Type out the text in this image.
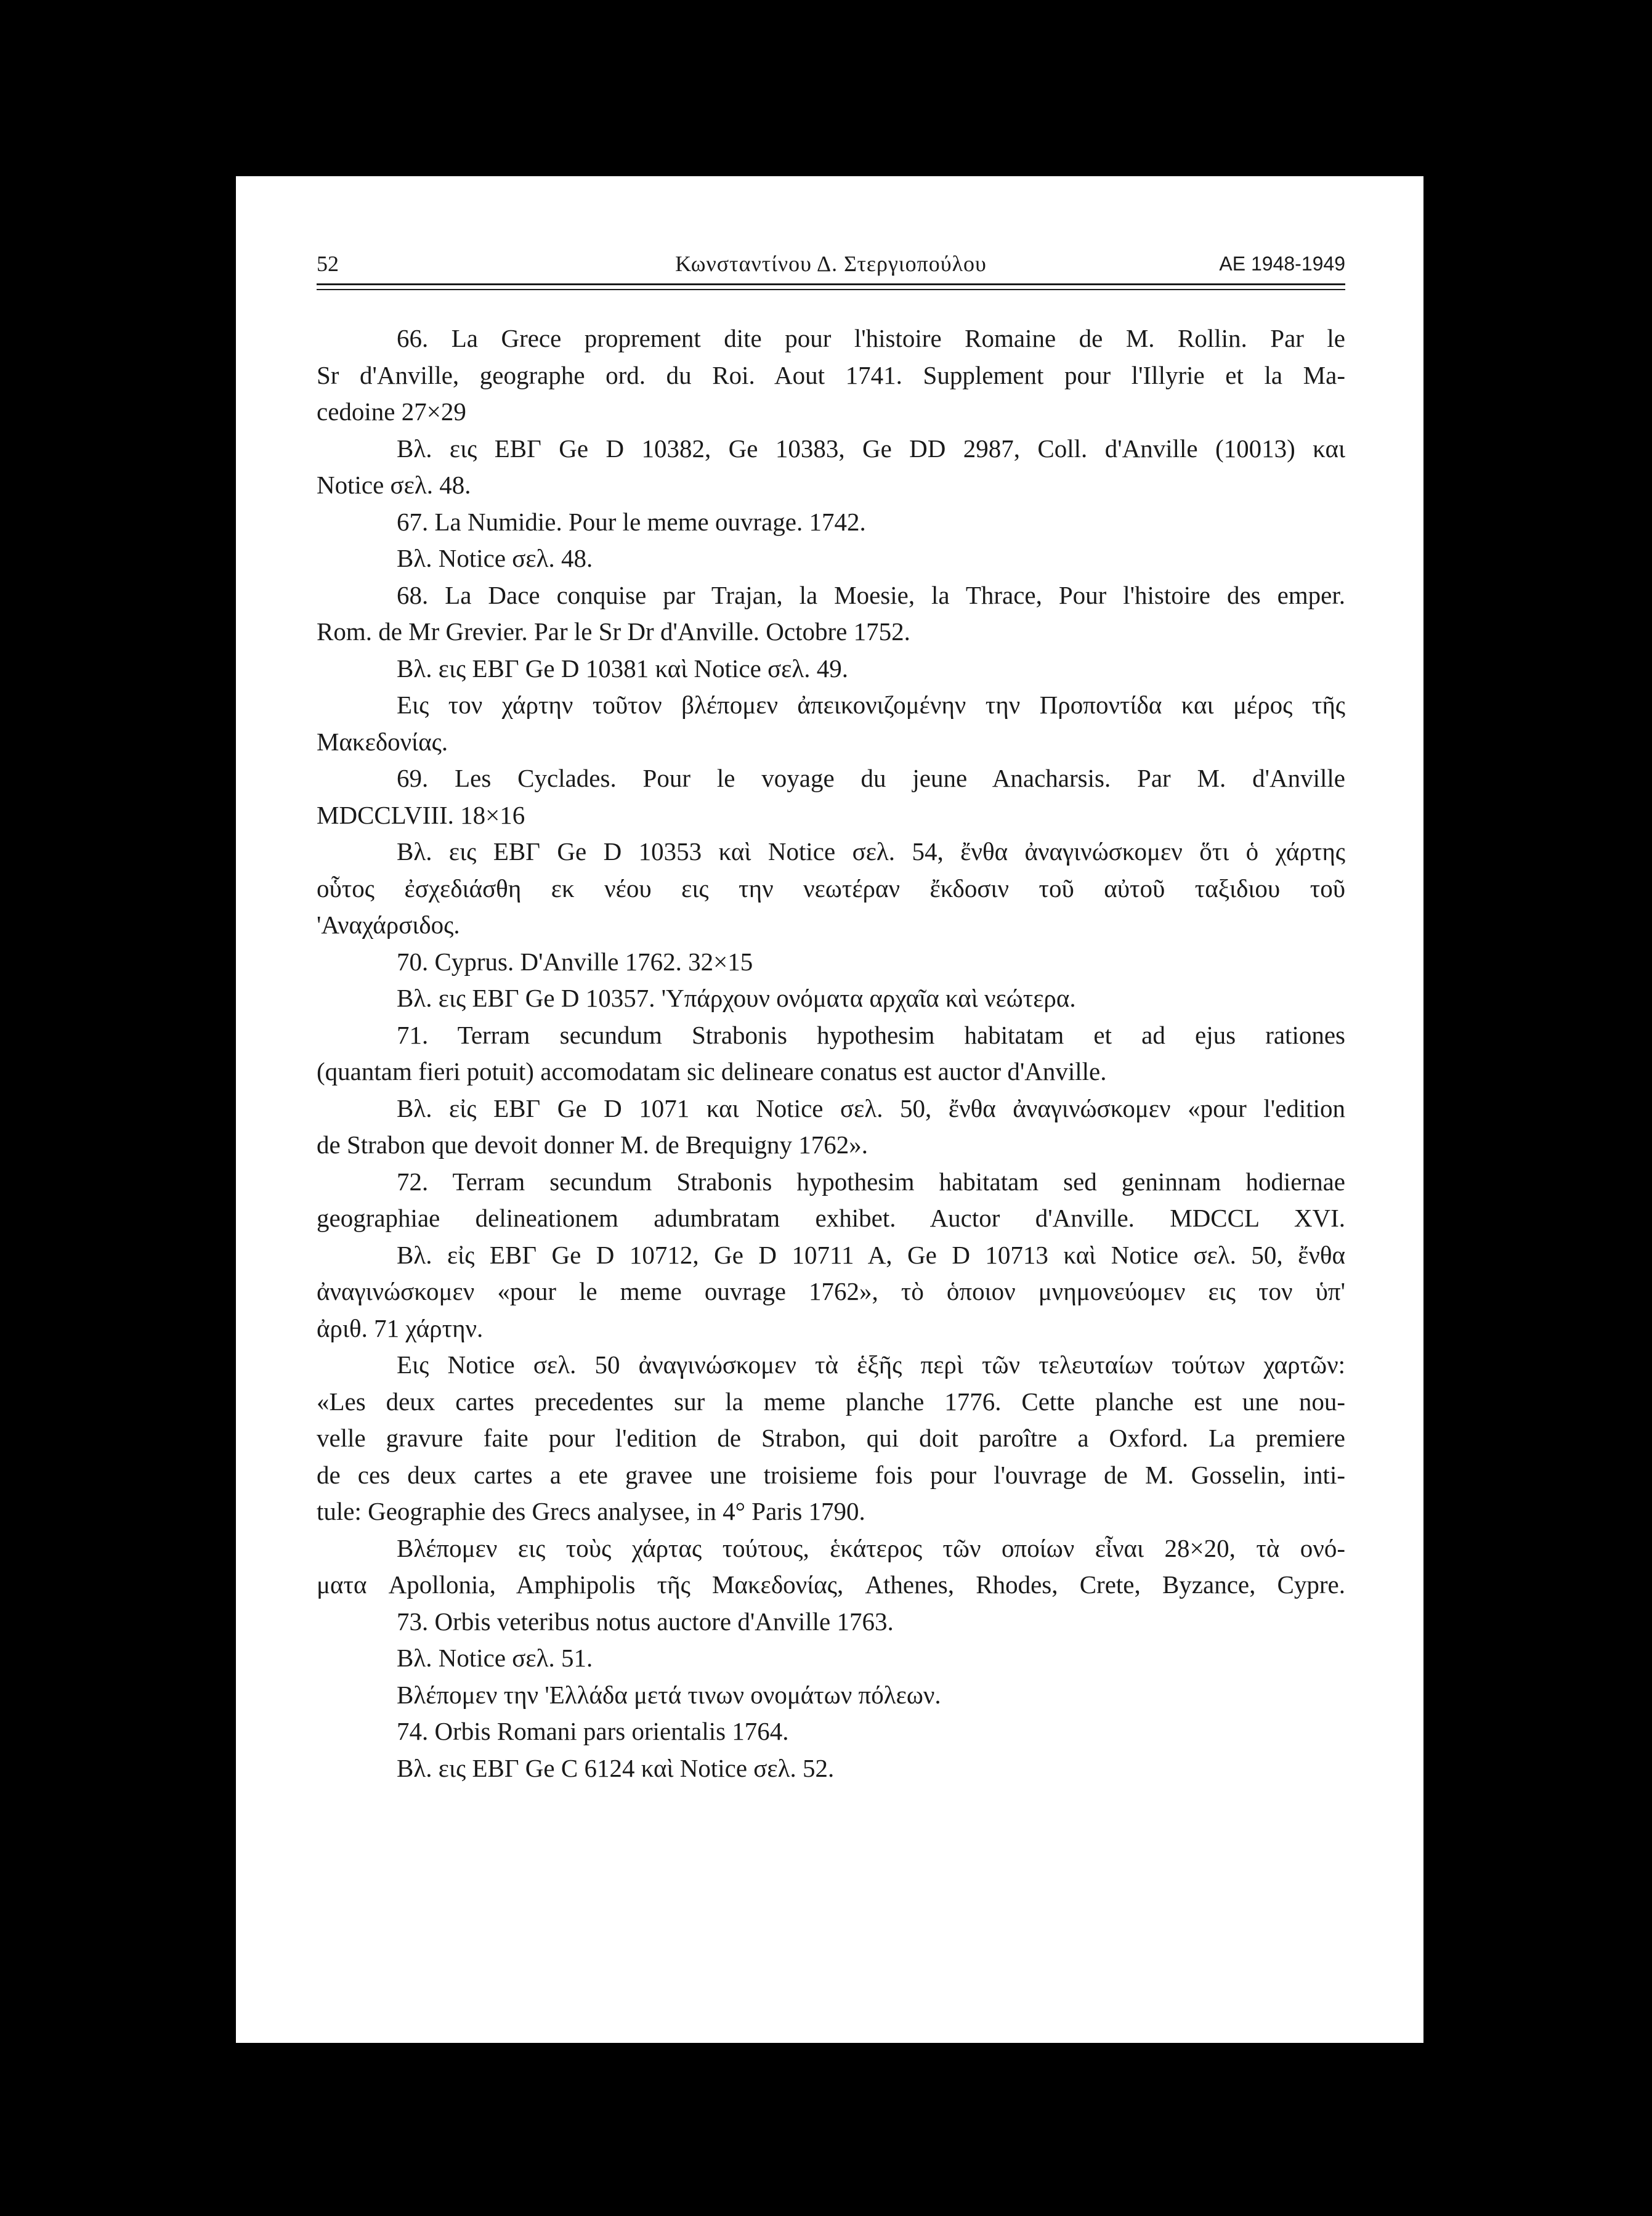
52	Κωνσταντίνου Δ. Στεργιοπούλου	ΑΕ 1948-1949
66. La Grece proprement dite pour l'histoire Romaine de M. Rollin. Par le
Sr d'Anville, geographe ord. du Roi. Aout 1741. Supplement pour l'Illyrie et la Ma-
cedoine 27×29
Βλ. εις ΕΒΓ Ge D 10382, Ge 10383, Ge DD 2987, Coll. d'Anville (10013) και
Notice σελ. 48.
67. La Numidie. Pour le meme ouvrage. 1742.
Βλ. Notice σελ. 48.
68. La Dace conquise par Trajan, la Moesie, la Thrace, Pour l'histoire des emper.
Rom. de Mr Grevier. Par le Sr Dr d'Anville. Octobre 1752.
Βλ. εις ΕΒΓ Ge D 10381 καὶ Notice σελ. 49.
Εις τον χάρτην τοῦτον βλέπομεν ἀπεικονιζομένην την Προποντίδα και μέρος τῆς
Μακεδονίας.
69. Les Cyclades. Pour le voyage du jeune Anacharsis. Par M. d'Anville
MDCCLVIII. 18×16
Βλ. εις ΕΒΓ Ge D 10353 καὶ Notice σελ. 54, ἔνθα ἀναγινώσκομεν ὅτι ὁ χάρτης
οὗτος ἐσχεδιάσθη εκ νέου εις την νεωτέραν ἔκδοσιν τοῦ αὐτοῦ ταξιδιου τοῦ
'Αναχάρσιδος.
70. Cyprus. D'Anville 1762. 32×15
Βλ. εις ΕΒΓ Ge D 10357. 'Υπάρχουν ονόματα αρχαῖα καὶ νεώτερα.
71. Terram secundum Strabonis hypothesim habitatam et ad ejus rationes
(quantam fieri potuit) accomodatam sic delineare conatus est auctor d'Anville.
Βλ. εἰς ΕΒΓ Ge D 1071 και Notice σελ. 50, ἔνθα ἀναγινώσκομεν «pour l'edition
de Strabon que devoit donner M. de Brequigny 1762».
72. Terram secundum Strabonis hypothesim habitatam sed geninnam hodiernae
geographiae delineationem adumbratam exhibet. Auctor d'Anville. MDCCL XVI.
Βλ. εἰς ΕΒΓ Ge D 10712, Ge D 10711 A, Ge D 10713 καὶ Notice σελ. 50, ἔνθα
ἀναγινώσκομεν «pour le meme ouvrage 1762», τὸ ὁποιον μνημονεύομεν εις τον ὑπ'
ἀριθ. 71 χάρτην.
Εις Notice σελ. 50 ἀναγινώσκομεν τὰ ἑξῆς περὶ τῶν τελευταίων τούτων χαρτῶν:
«Les deux cartes precedentes sur la meme planche 1776. Cette planche est une nou-
velle gravure faite pour l'edition de Strabon, qui doit paroître a Oxford. La premiere
de ces deux cartes a ete gravee une troisieme fois pour l'ouvrage de M. Gosselin, inti-
tule: Geographie des Grecs analysee, in 4° Paris 1790.
Βλέπομεν εις τοὺς χάρτας τούτους, ἑκάτερος τῶν οποίων εἶναι 28×20, τὰ ονό-
ματα Apollonia, Amphipolis τῆς Μακεδονίας, Athenes, Rhodes, Crete, Byzance, Cypre.
73. Orbis veteribus notus auctore d'Anville 1763.
Βλ. Notice σελ. 51.
Βλέπομεν την 'Ελλάδα μετά τινων ονομάτων πόλεων.
74. Orbis Romani pars orientalis 1764.
Βλ. εις ΕΒΓ Ge C 6124 καὶ Notice σελ. 52.
